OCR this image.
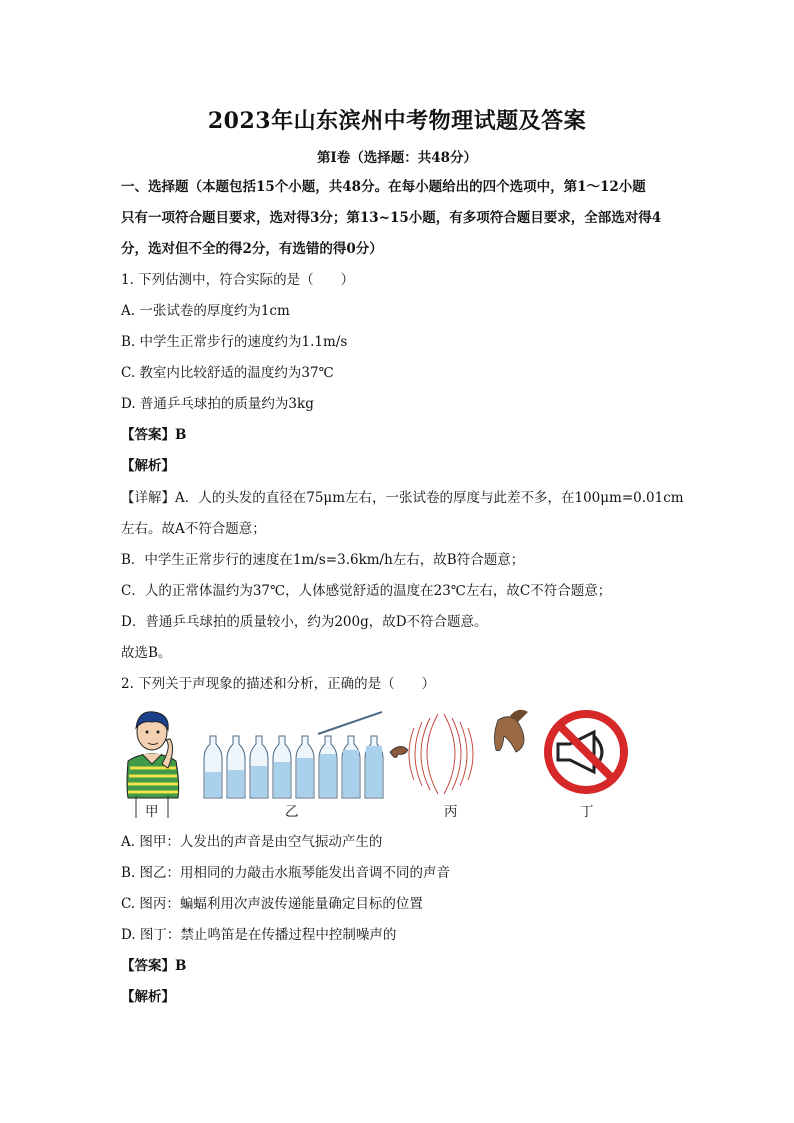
2023年山东滨州中考物理试题及答案
第Ⅰ卷（选择题：共48分）
一、选择题（本题包括15个小题，共48分。在每小题给出的四个选项中，第1～12小题
只有一项符合题目要求，选对得3分；第13~15小题，有多项符合题目要求，全部选对得4
分，选对但不全的得2分，有选错的得0分）
1. 下列估测中，符合实际的是（　　）
A. 一张试卷的厚度约为1cm
B. 中学生正常步行的速度约为1.1m/s
C. 教室内比较舒适的温度约为37℃
D. 普通乒乓球拍的质量约为3kg
【答案】B
【解析】
【详解】A．人的头发的直径在75μm左右，一张试卷的厚度与此差不多，在100μm=0.01cm
左右。故A不符合题意；
B．中学生正常步行的速度在1m/s=3.6km/h左右，故B符合题意；
C．人的正常体温约为37℃，人体感觉舒适的温度在23℃左右，故C不符合题意；
D．普通乒乓球拍的质量较小，约为200g，故D不符合题意。
故选B。
2. 下列关于声现象的描述和分析，正确的是（　　）
甲	乙	丙	丁
A. 图甲：人发出的声音是由空气振动产生的
B. 图乙：用相同的力敲击水瓶琴能发出音调不同的声音
C. 图丙：蝙蝠利用次声波传递能量确定目标的位置
D. 图丁：禁止鸣笛是在传播过程中控制噪声的
【答案】B
【解析】
